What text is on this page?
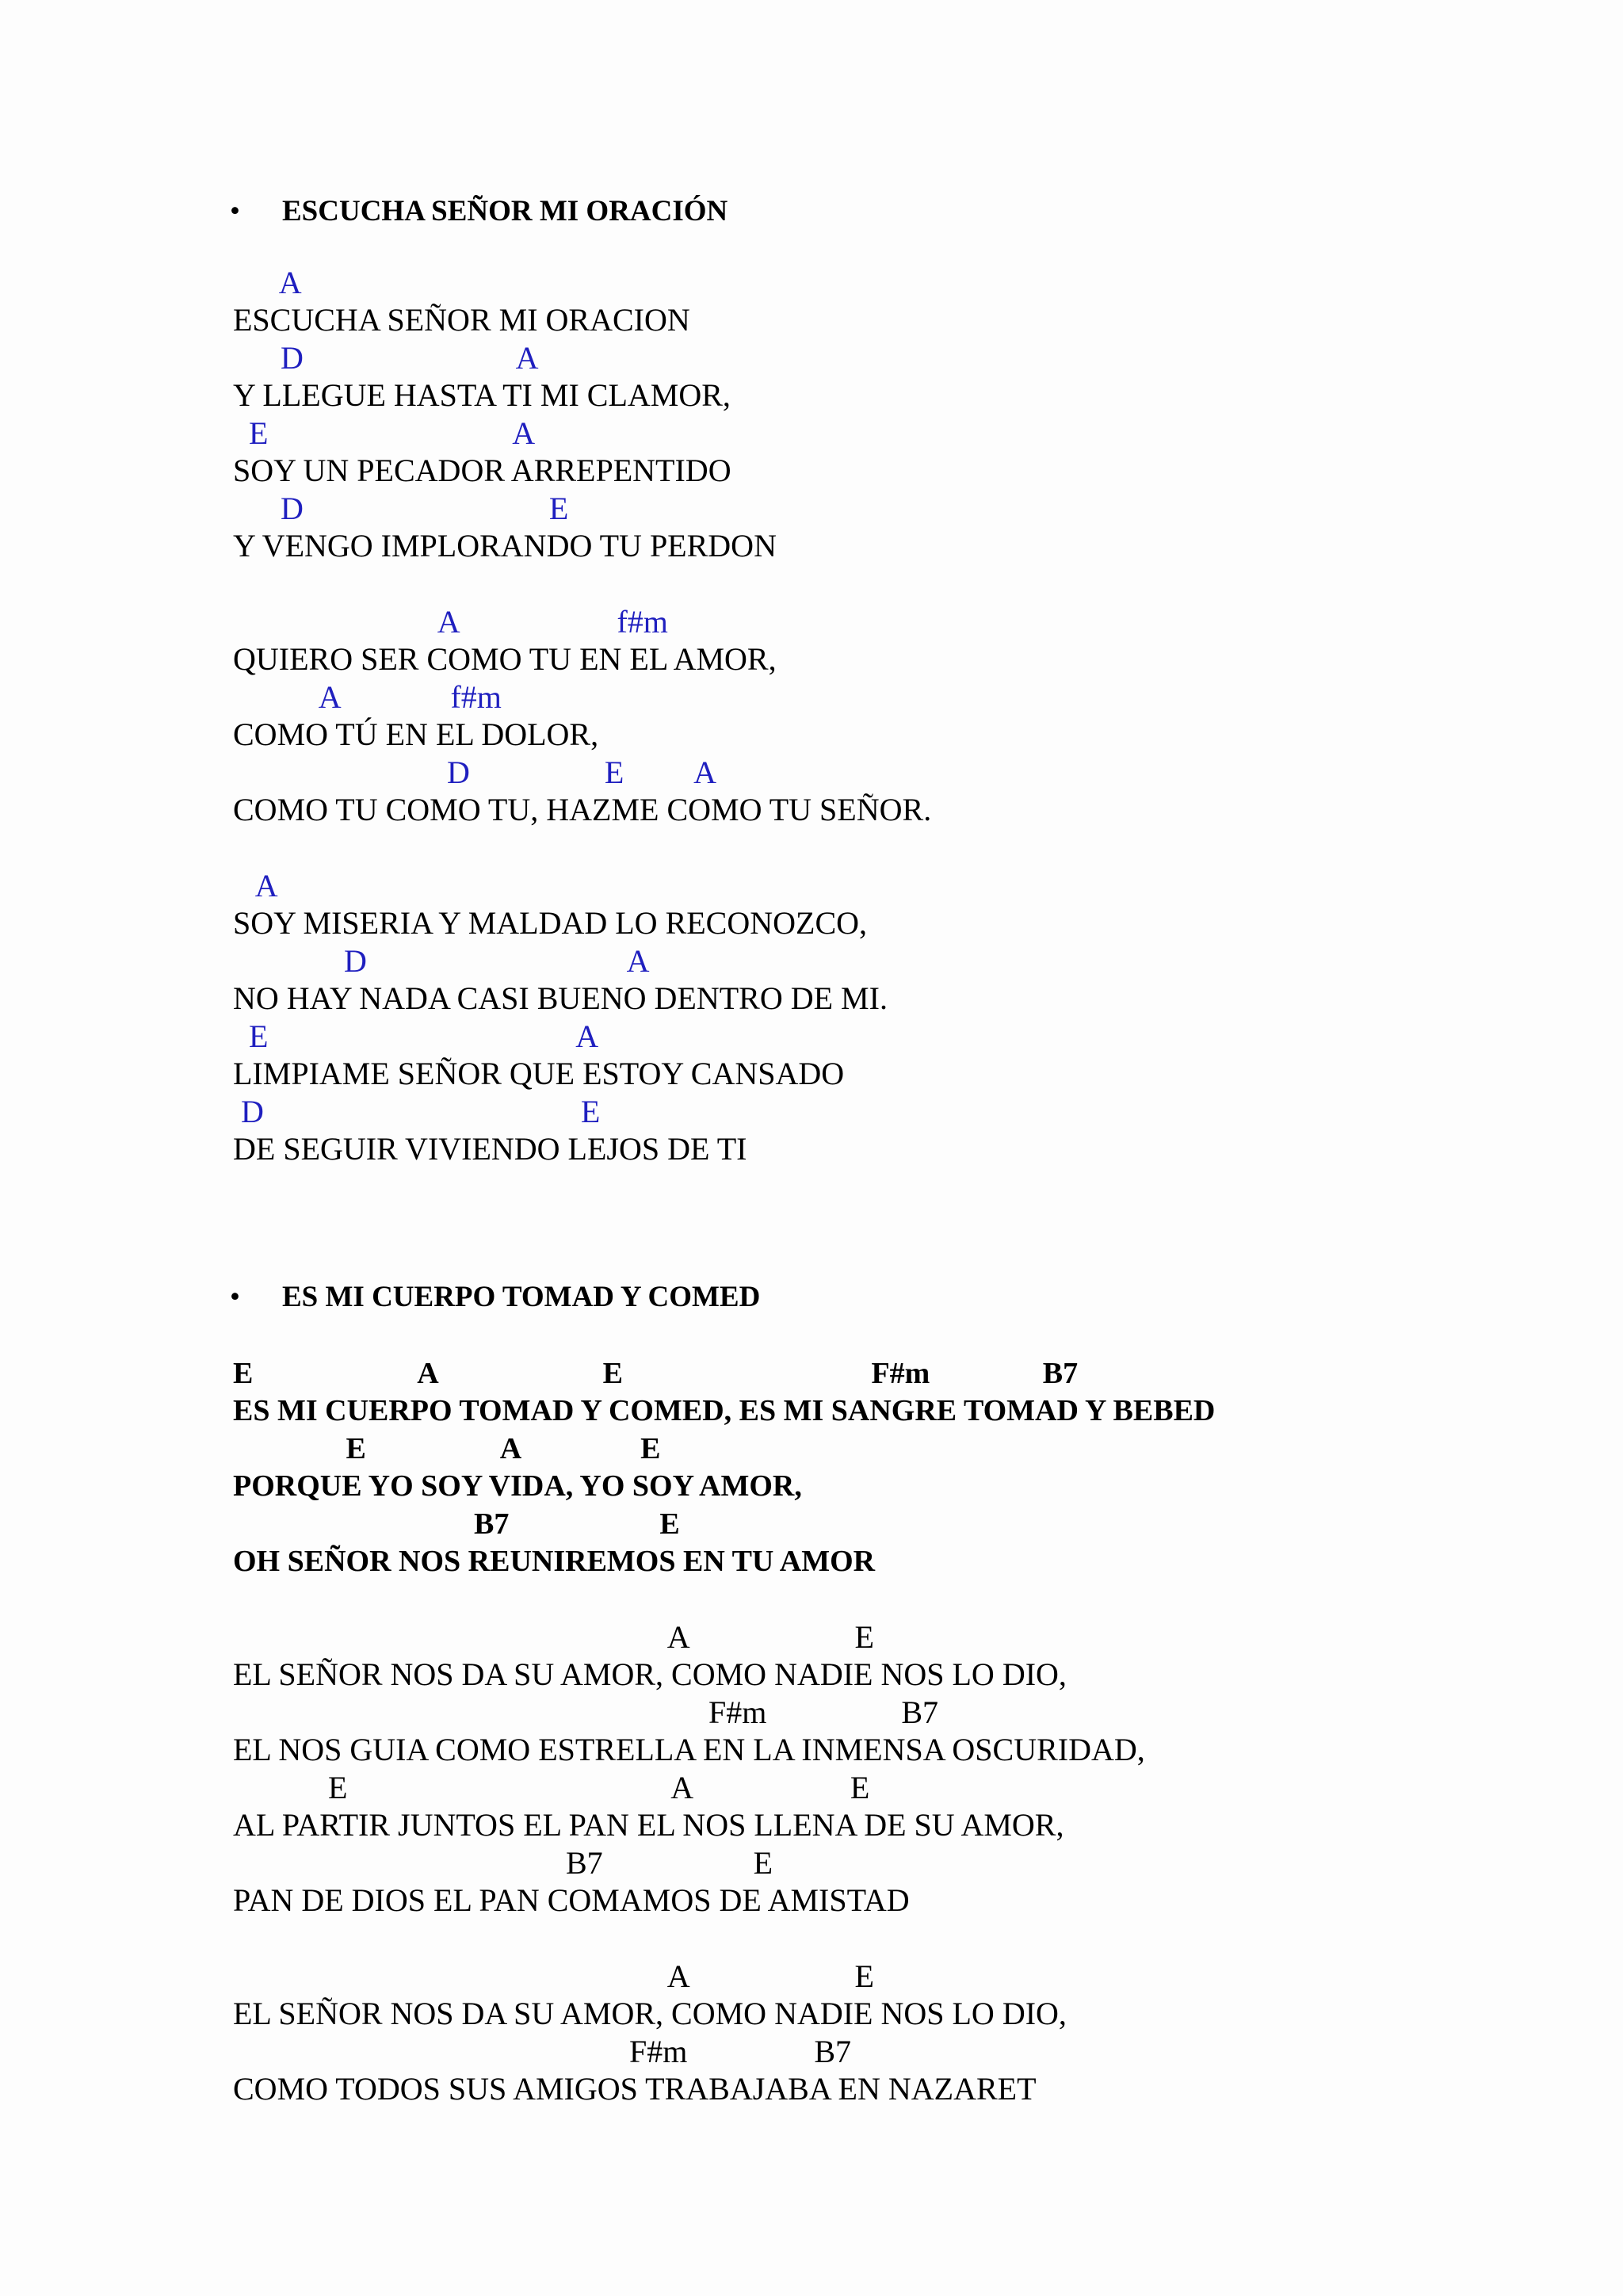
• ESCUCHA SEÑOR MI ORACIÓN
A
ESCUCHA SEÑOR MI ORACION
D                           A
Y LLEGUE HASTA TI MI CLAMOR,
E                               A
SOY UN PECADOR ARREPENTIDO
D                               E
Y VENGO IMPLORANDO TU PERDON
A                    f#m
QUIERO SER COMO TU EN EL AMOR,
A              f#m
COMO TÚ EN EL DOLOR,
D                 E         A
COMO TU COMO TU, HAZME COMO TU SEÑOR.
A
SOY MISERIA Y MALDAD LO RECONOZCO,
D                                 A
NO HAY NADA CASI BUENO DENTRO DE MI.
E                                       A
LIMPIAME SEÑOR QUE ESTOY CANSADO
D                                        E
DE SEGUIR VIVIENDO LEJOS DE TI
• ES MI CUERPO TOMAD Y COMED
E                      A                      E                                 F#m               B7
ES MI CUERPO TOMAD Y COMED, ES MI SANGRE TOMAD Y BEBED
E                  A                E
PORQUE YO SOY VIDA, YO SOY AMOR,
B7                    E
OH SEÑOR NOS REUNIREMOS EN TU AMOR
A                     E
EL SEÑOR NOS DA SU AMOR, COMO NADIE NOS LO DIO,
F#m                 B7
EL NOS GUIA COMO ESTRELLA EN LA INMENSA OSCURIDAD,
E                                         A                    E
AL PARTIR JUNTOS EL PAN EL NOS LLENA DE SU AMOR,
B7                   E
PAN DE DIOS EL PAN COMAMOS DE AMISTAD
A                     E
EL SEÑOR NOS DA SU AMOR, COMO NADIE NOS LO DIO,
F#m                B7
COMO TODOS SUS AMIGOS TRABAJABA EN NAZARET
